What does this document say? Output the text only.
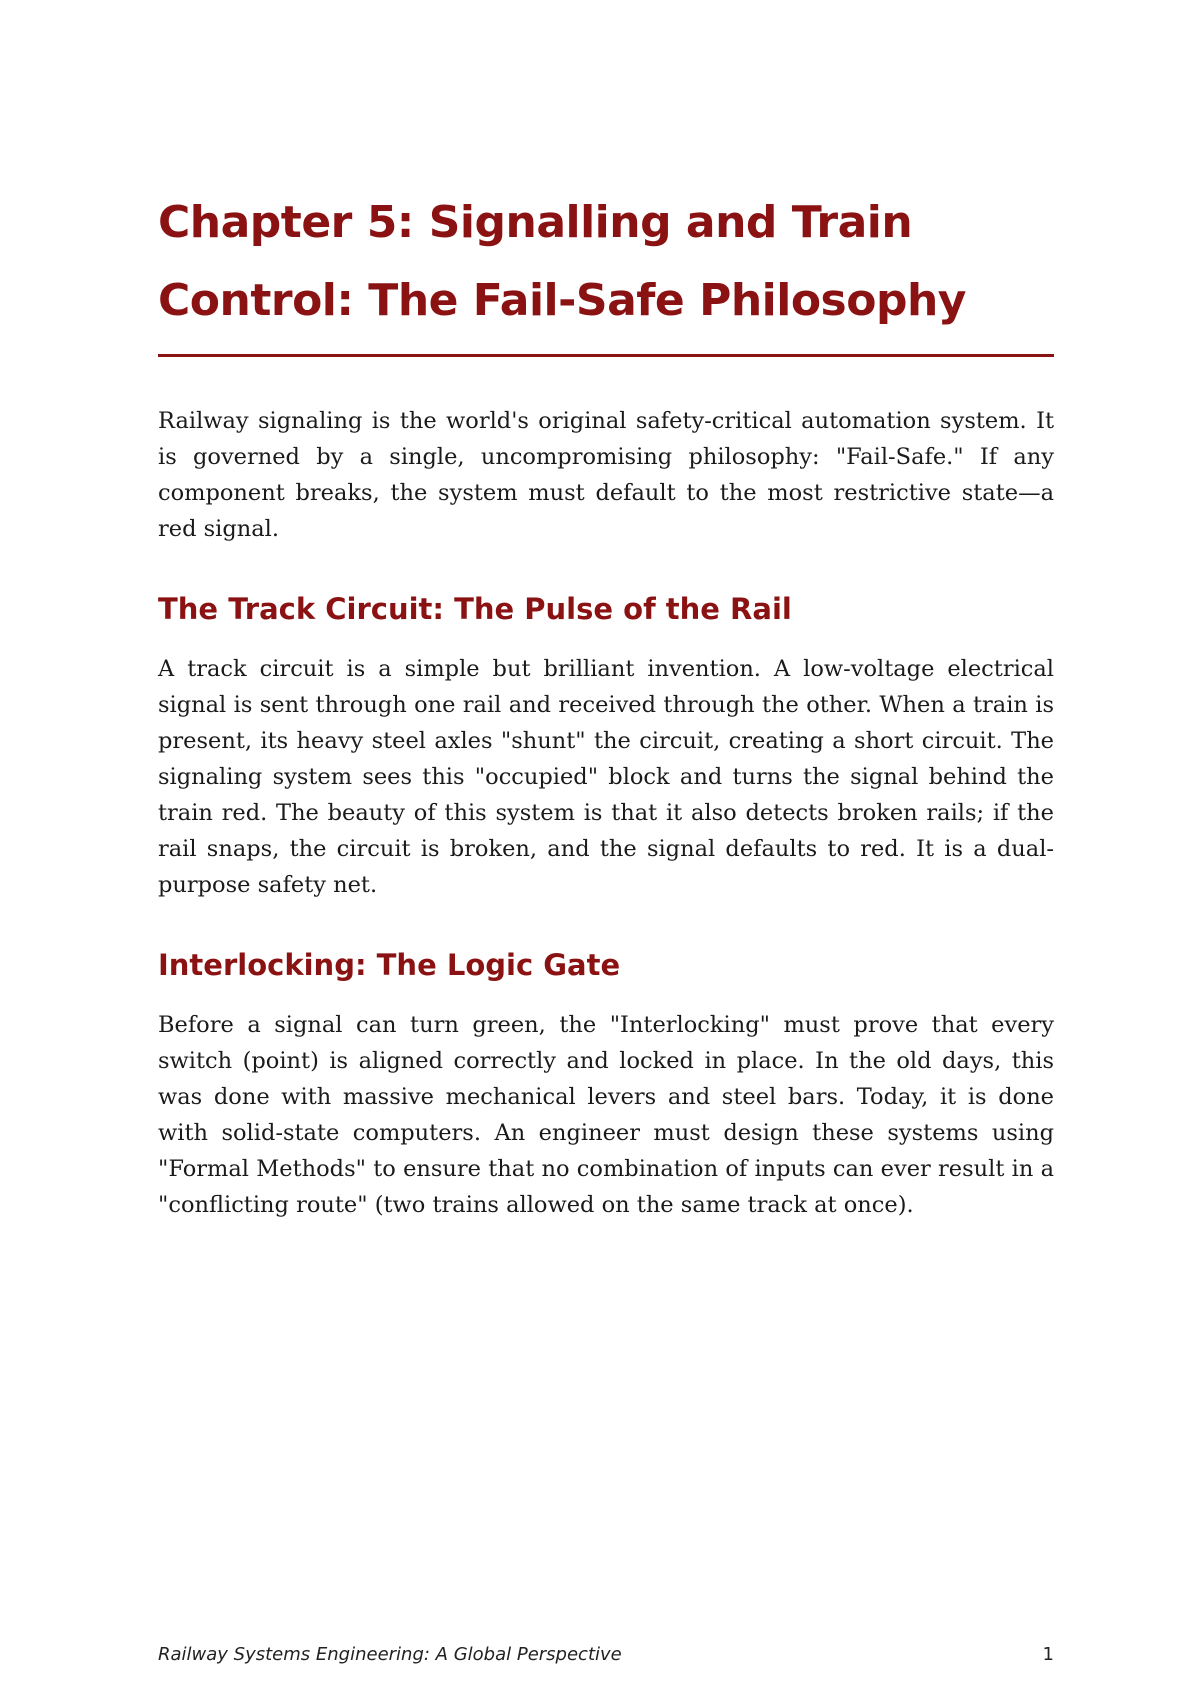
Chapter 5: Signalling and Train Control: The Fail-Safe Philosophy

Railway signaling is the world's original safety-critical automation system. It is governed by a single, uncompromising philosophy: "Fail-Safe." If any component breaks, the system must default to the most restrictive state—a red signal.

The Track Circuit: The Pulse of the Rail

A track circuit is a simple but brilliant invention. A low-voltage electrical signal is sent through one rail and received through the other. When a train is present, its heavy steel axles "shunt" the circuit, creating a short circuit. The signaling system sees this "occupied" block and turns the signal behind the train red. The beauty of this system is that it also detects broken rails; if the rail snaps, the circuit is broken, and the signal defaults to red. It is a dual-purpose safety net.

Interlocking: The Logic Gate

Before a signal can turn green, the "Interlocking" must prove that every switch (point) is aligned correctly and locked in place. In the old days, this was done with massive mechanical levers and steel bars. Today, it is done with solid-state computers. An engineer must design these systems using "Formal Methods" to ensure that no combination of inputs can ever result in a "conflicting route" (two trains allowed on the same track at once).

Railway Systems Engineering: A Global Perspective	1
